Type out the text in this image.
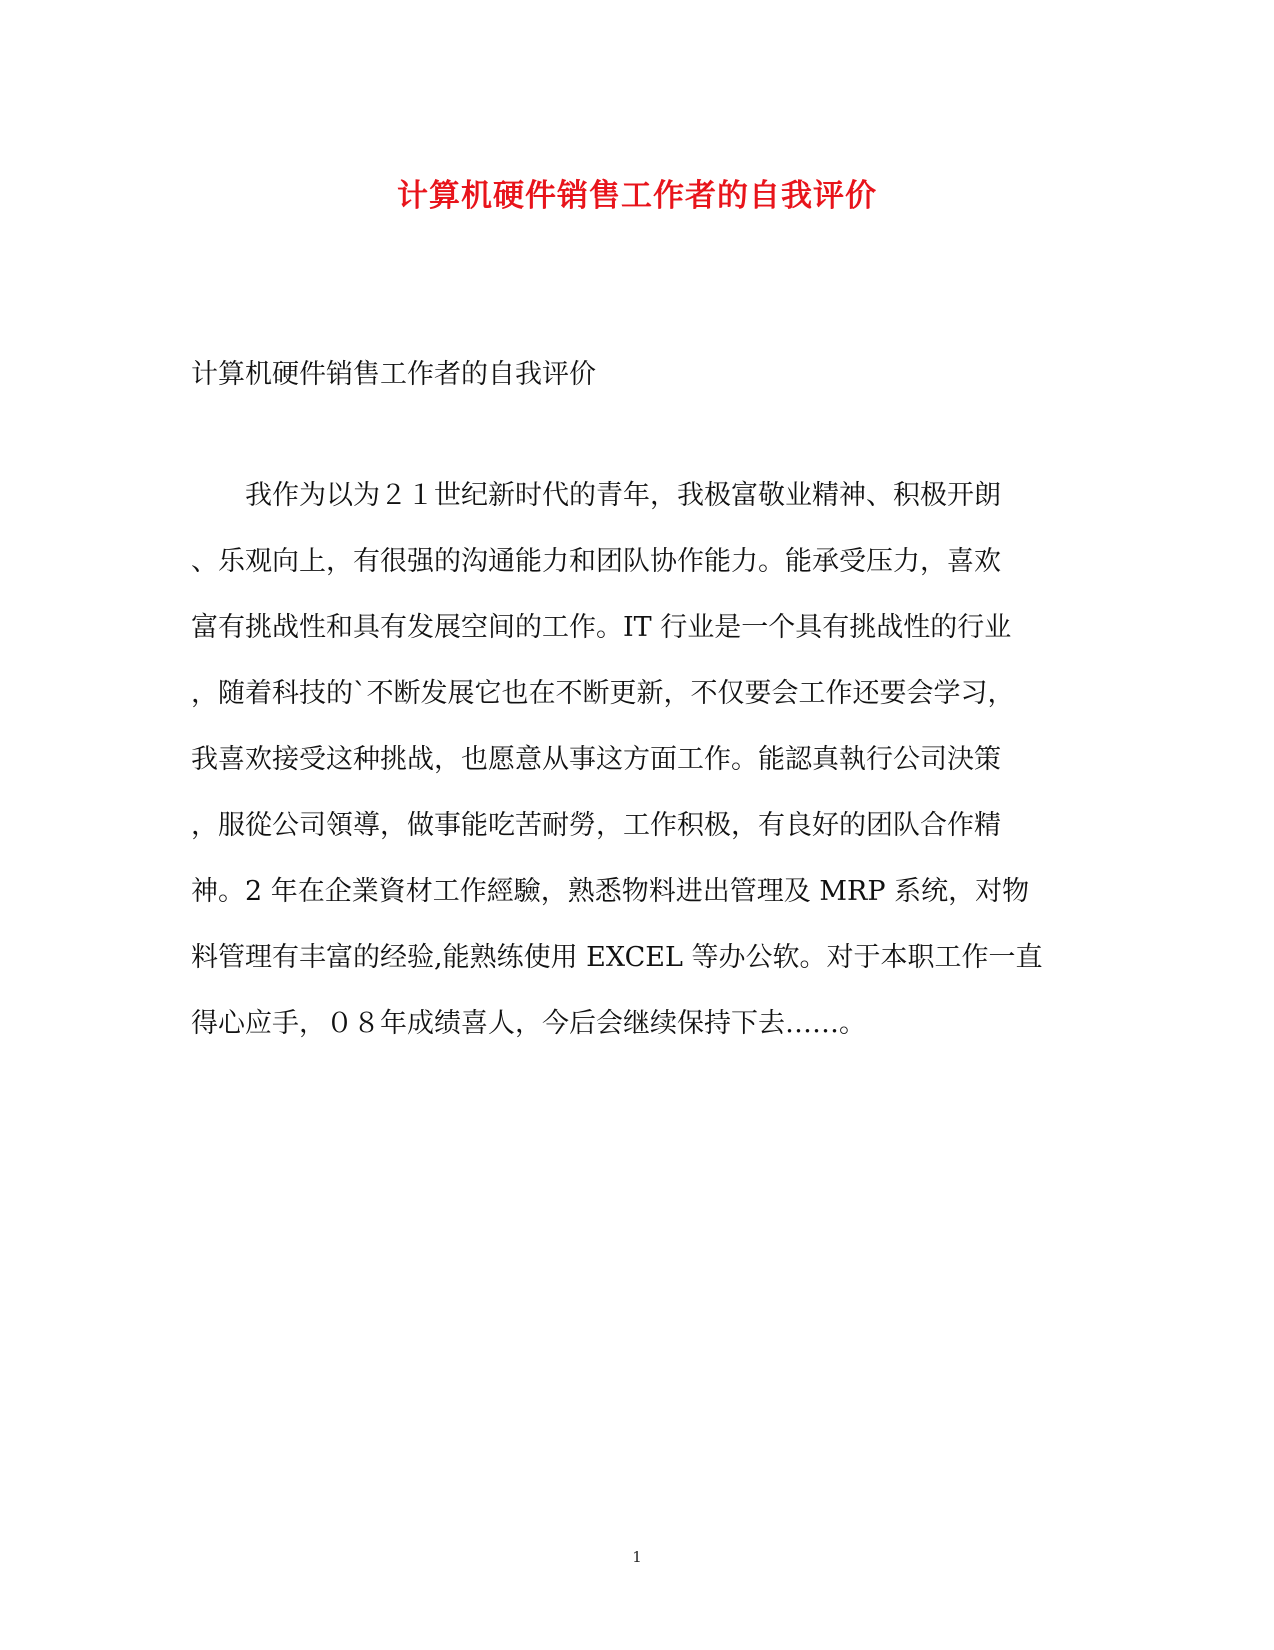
计算机硬件销售工作者的自我评价

计算机硬件销售工作者的自我评价

　　我作为以为２１世纪新时代的青年，我极富敬业精神、积极开朗
、乐观向上，有很强的沟通能力和团队协作能力。能承受压力，喜欢
富有挑战性和具有发展空间的工作。IT 行业是一个具有挑战性的行业
，随着科技的`不断发展它也在不断更新，不仅要会工作还要会学习，
我喜欢接受这种挑战，也愿意从事这方面工作。能認真執行公司決策
，服從公司領導，做事能吃苦耐勞，工作积极，有良好的团队合作精
神。2 年在企業資材工作經驗，熟悉物料进出管理及 MRP 系统，对物
料管理有丰富的经验,能熟练使用 EXCEL 等办公软。对于本职工作一直
得心应手，０８年成绩喜人，今后会继续保持下去……。
1
